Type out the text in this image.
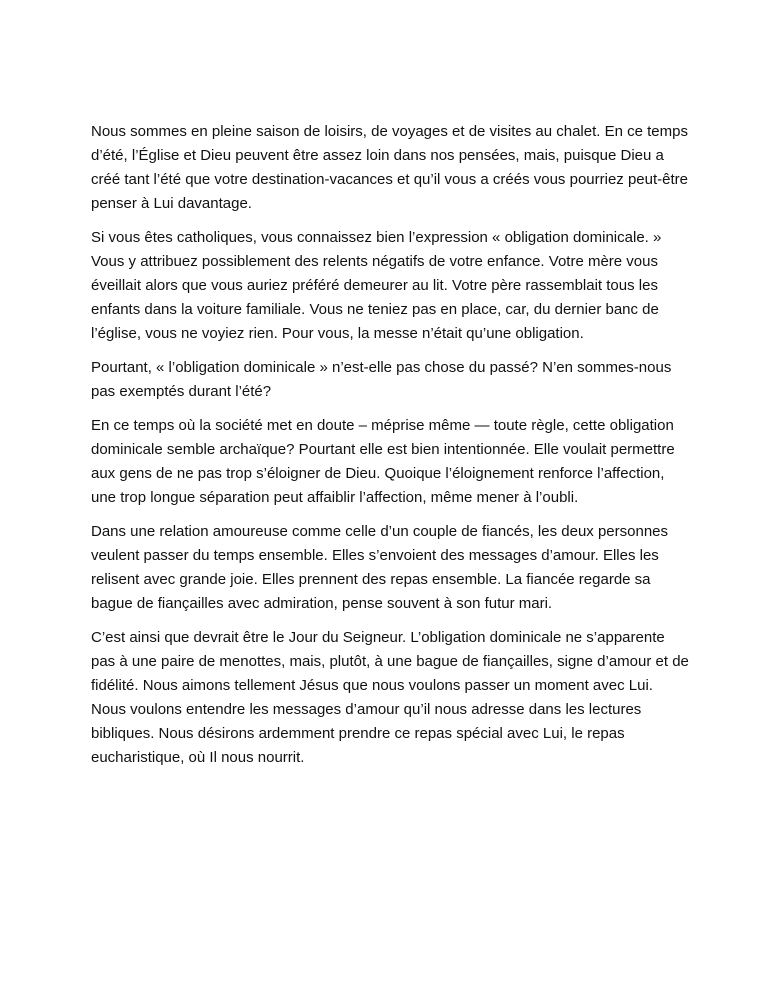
Nous sommes en pleine saison de loisirs, de voyages et de visites au chalet. En ce temps d’été, l’Église et Dieu peuvent être assez loin dans nos pensées, mais, puisque Dieu a créé tant l’été que votre destination-vacances et qu’il vous a créés vous pourriez peut-être penser à Lui davantage.

Si vous êtes catholiques, vous connaissez bien l’expression « obligation dominicale. » Vous y attribuez possiblement des relents négatifs de votre enfance. Votre mère vous éveillait alors que vous auriez préféré demeurer au lit. Votre père rassemblait tous les enfants dans la voiture familiale. Vous ne teniez pas en place, car, du dernier banc de l’église, vous ne voyiez rien. Pour vous, la messe n’était qu’une obligation.

Pourtant, « l’obligation dominicale » n’est-elle pas chose du passé? N’en sommes-nous pas exemptés durant l’été?

En ce temps où la société met en doute – méprise même — toute règle, cette obligation dominicale semble archaïque? Pourtant elle est bien intentionnée. Elle voulait permettre aux gens de ne pas trop s’éloigner de Dieu. Quoique l’éloignement renforce l’affection, une trop longue séparation peut affaiblir l’affection, même mener à l’oubli.

Dans une relation amoureuse comme celle d’un couple de fiancés, les deux personnes veulent passer du temps ensemble. Elles s’envoient des messages d’amour. Elles les relisent avec grande joie. Elles prennent des repas ensemble. La fiancée regarde sa bague de fiançailles avec admiration, pense souvent à son futur mari.

C’est ainsi que devrait être le Jour du Seigneur. L’obligation dominicale ne s’apparente pas à une paire de menottes, mais, plutôt, à une bague de fiançailles, signe d’amour et de fidélité. Nous aimons tellement Jésus que nous voulons passer un moment avec Lui. Nous voulons entendre les messages d’amour qu’il nous adresse dans les lectures bibliques. Nous désirons ardemment prendre ce repas spécial avec Lui, le repas eucharistique, où Il nous nourrit.
